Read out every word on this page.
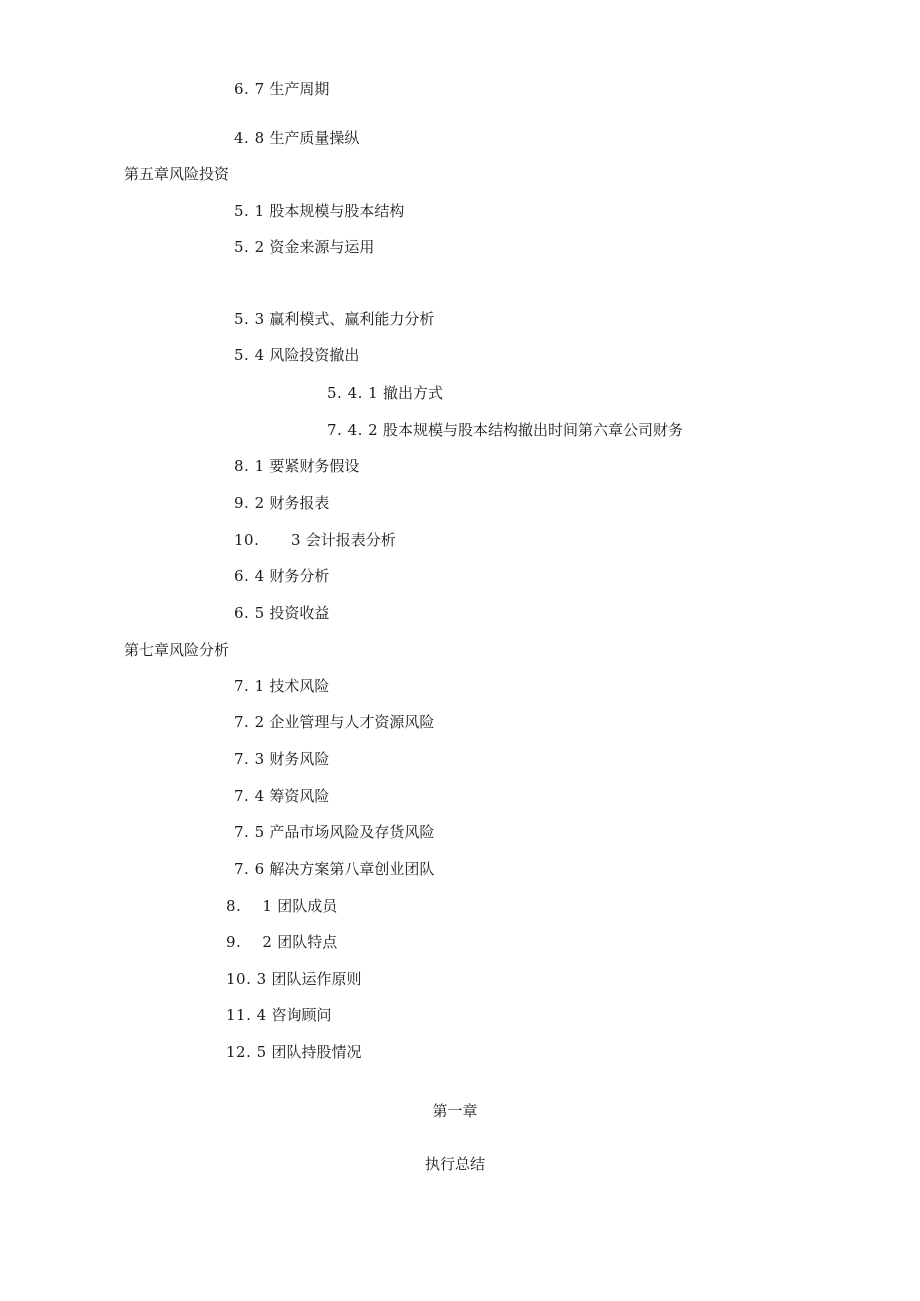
6. 7 生产周期
4. 8 生产质量操纵
第五章风险投资
5. 1 股本规模与股本结构
5. 2 资金来源与运用
5. 3 赢利模式、赢利能力分析
5. 4 风险投资撤出
5. 4. 1 撤出方式
7. 4. 2 股本规模与股本结构撤出时间第六章公司财务
8. 1 要紧财务假设
9. 2 财务报表
10.      3 会计报表分析
6. 4 财务分析
6. 5 投资收益
第七章风险分析
7. 1 技术风险
7. 2 企业管理与人才资源风险
7. 3 财务风险
7. 4 筹资风险
7. 5 产品市场风险及存货风险
7. 6 解决方案第八章创业团队
8.    1 团队成员
9.    2 团队特点
10. 3 团队运作原则
11. 4 咨询顾问
12. 5 团队持股情况
第一章
执行总结
